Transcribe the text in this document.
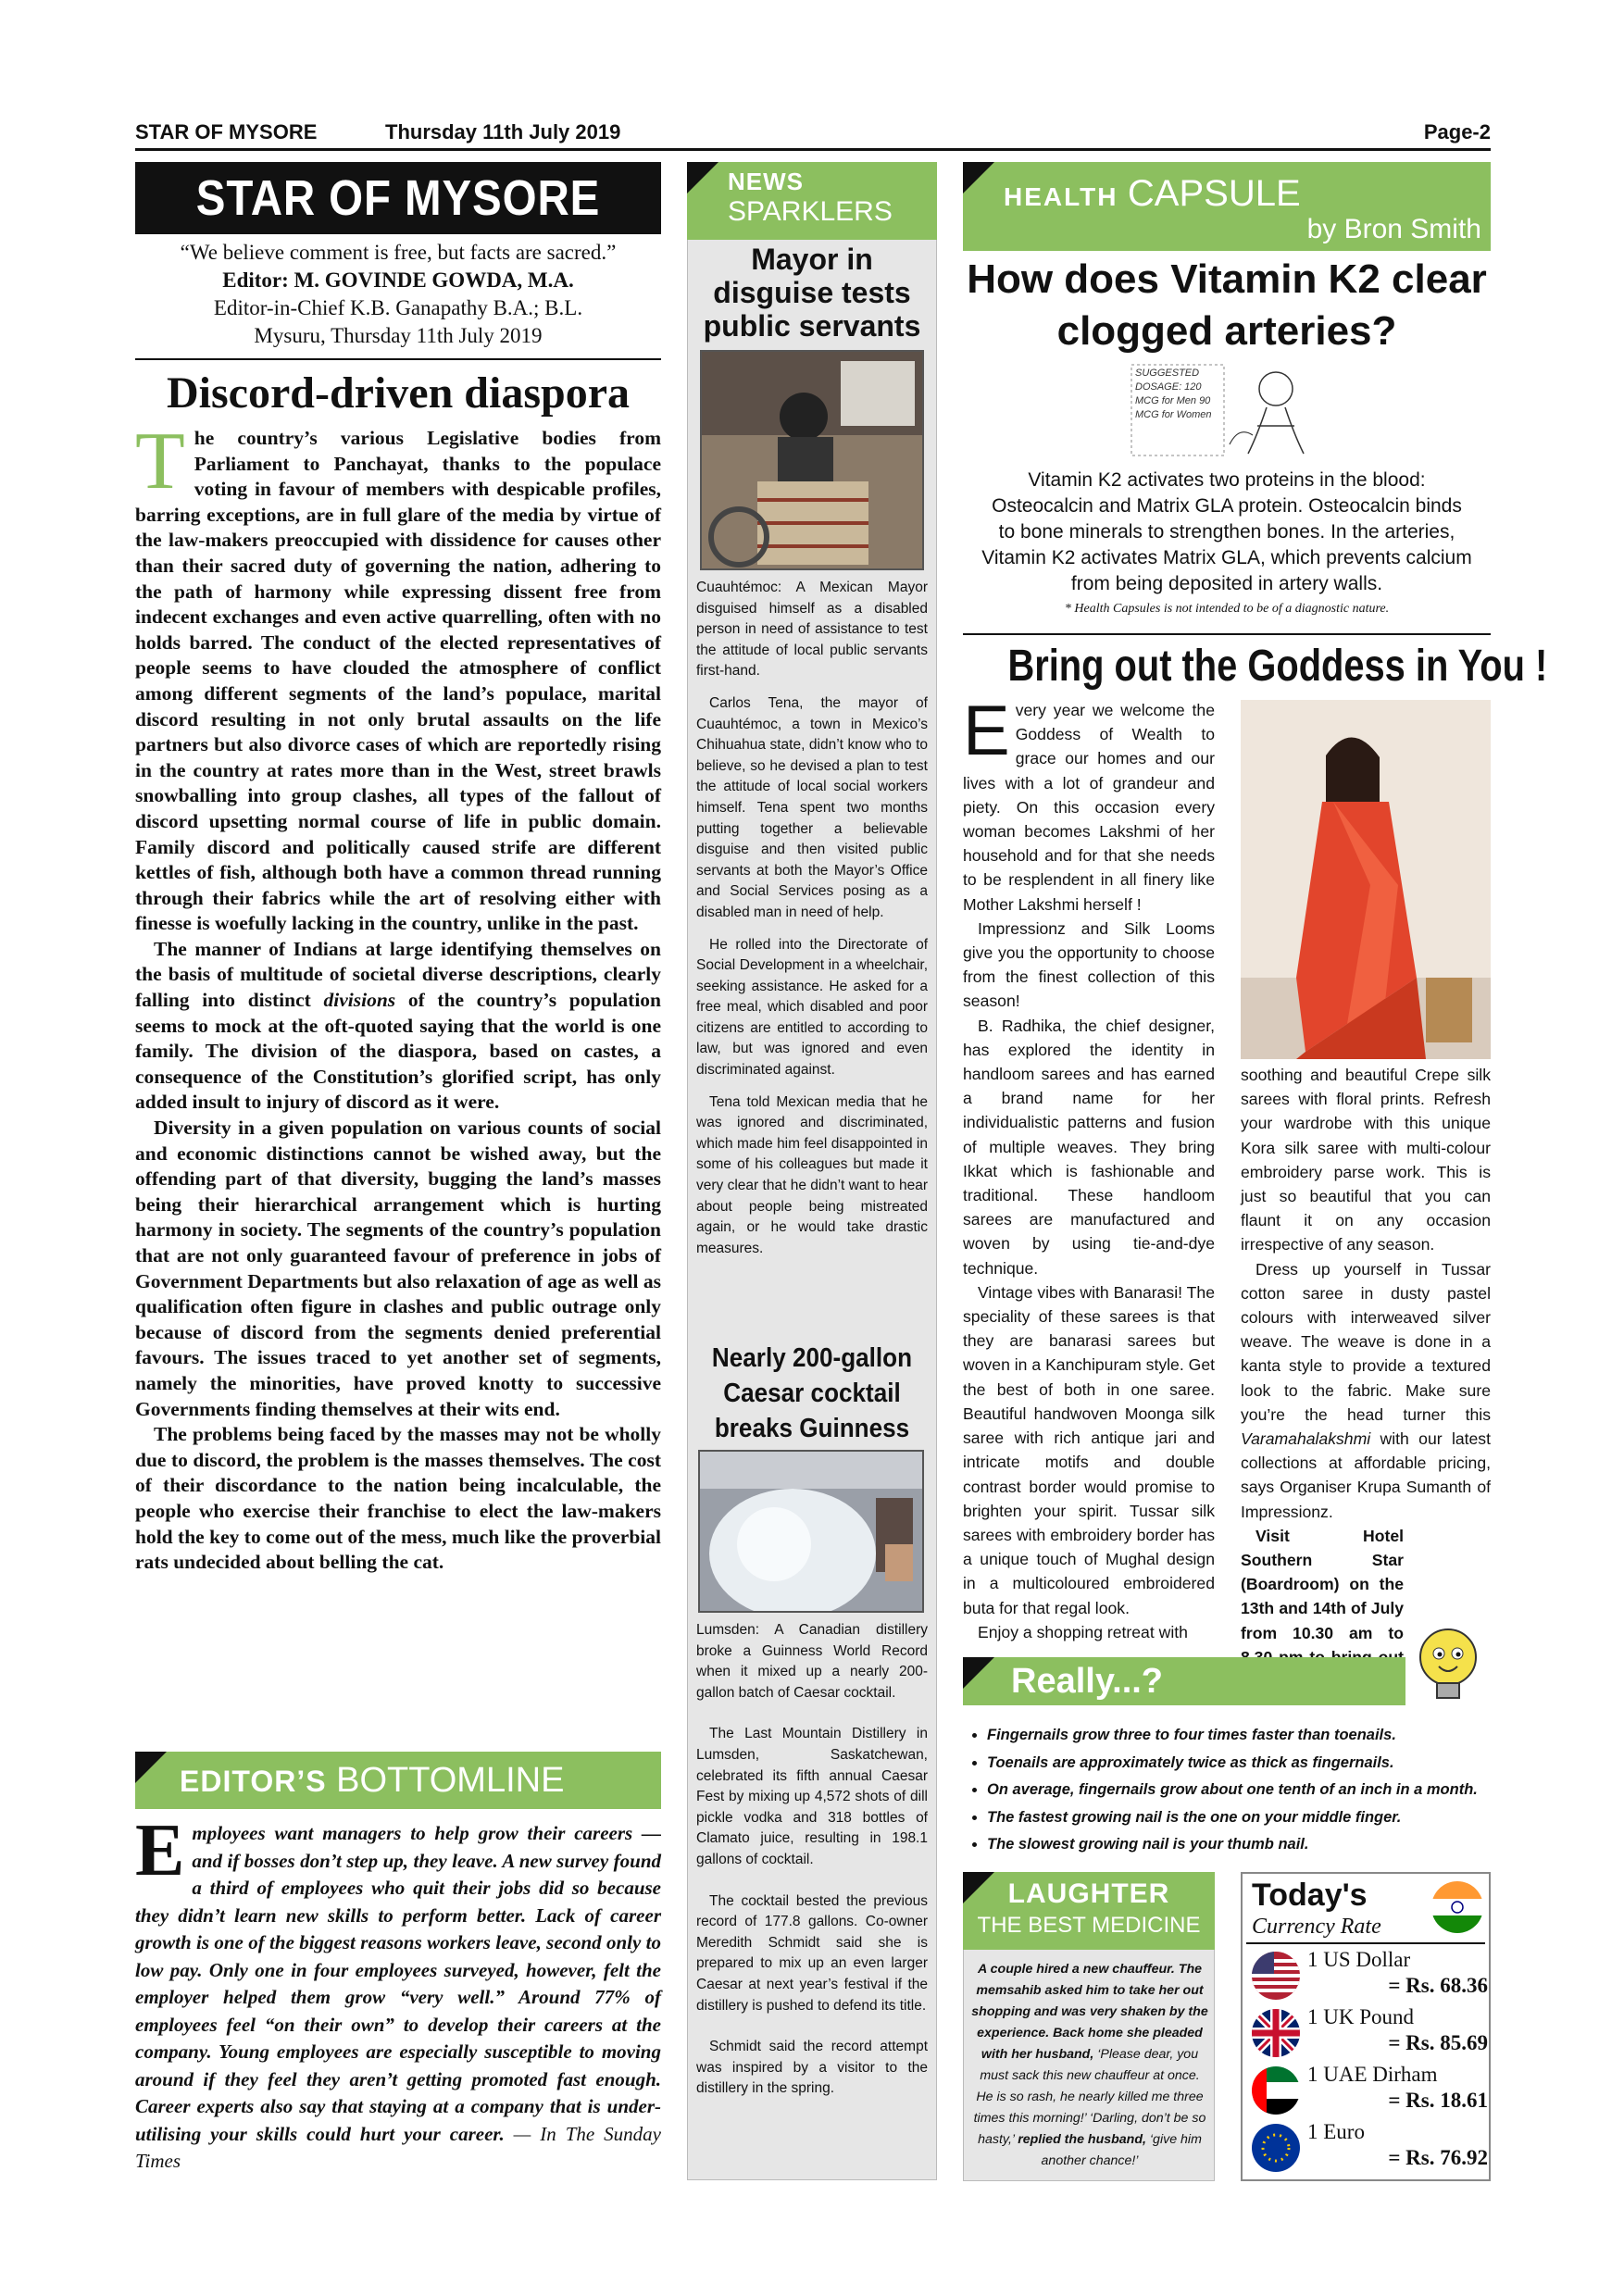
STAR OF MYSORE	Thursday 11th July 2019	Page-2
STAR OF MYSORE
“We believe comment is free, but facts are sacred.”
Editor: M. GOVINDE GOWDA, M.A.
Editor-in-Chief K.B. Ganapathy B.A.; B.L.
Mysuru, Thursday 11th July 2019
Discord-driven diaspora

The country’s various Legislative bodies from Parliament to Panchayat, thanks to the populace voting in favour of members with despicable profiles, barring exceptions, are in full glare of the media by virtue of the law-makers preoccupied with dissidence for causes other than their sacred duty of governing the nation, adhering to the path of harmony while expressing dissent free from indecent exchanges and even active quarrelling, often with no holds barred. The conduct of the elected representatives of people seems to have clouded the atmosphere of conflict among different segments of the land’s populace, marital discord resulting in not only brutal assaults on the life partners but also divorce cases of which are reportedly rising in the country at rates more than in the West, street brawls snowballing into group clashes, all types of the fallout of discord upsetting normal course of life in public domain. Family discord and politically caused strife are different kettles of fish, although both have a common thread running through their fabrics while the art of resolving either with finesse is woefully lacking in the country, unlike in the past.

The manner of Indians at large identifying themselves on the basis of multitude of societal diverse descriptions, clearly falling into distinct divisions of the country’s population seems to mock at the oft-quoted saying that the world is one family. The division of the diaspora, based on castes, a consequence of the Constitution’s glorified script, has only added insult to injury of discord as it were.

Diversity in a given population on various counts of social and economic distinctions cannot be wished away, but the offending part of that diversity, bugging the land’s masses being their hierarchical arrangement which is hurting harmony in society. The segments of the country’s population that are not only guaranteed favour of preference in jobs of Government Departments but also relaxation of age as well as qualification often figure in clashes and public outrage only because of discord from the segments denied preferential favours. The issues traced to yet another set of segments, namely the minorities, have proved knotty to successive Governments finding themselves at their wits end.

The problems being faced by the masses may not be wholly due to discord, the problem is the masses themselves. The cost of their discordance to the nation being incalculable, the people who exercise their franchise to elect the law-makers hold the key to come out of the mess, much like the proverbial rats undecided about belling the cat.

EDITOR’S BOTTOMLINE
Employees want managers to help grow their careers — and if bosses don’t step up, they leave. A new survey found a third of employees who quit their jobs did so because they didn’t learn new skills to perform better. Lack of career growth is one of the biggest reasons workers leave, second only to low pay. Only one in four employees surveyed, however, felt the employer helped them grow “very well.” Around 77% of employees feel “on their own” to develop their careers at the company. Young employees are especially susceptible to moving around if they feel they aren’t getting promoted fast enough. Career experts also say that staying at a company that is under-utilising your skills could hurt your career. — In The Sunday Times
NEWS
SPARKLERS
Mayor in disguise tests public servants

Cuauhtémoc: A Mexican Mayor disguised himself as a disabled person in need of assistance to test the attitude of local public servants first-hand.

Carlos Tena, the mayor of Cuauhtémoc, a town in Mexico’s Chihuahua state, didn’t know who to believe, so he devised a plan to test the attitude of local social workers himself. Tena spent two months putting together a believable disguise and then visited public servants at both the Mayor’s Office and Social Services posing as a disabled man in need of help.

He rolled into the Directorate of Social Development in a wheelchair, seeking assistance. He asked for a free meal, which disabled and poor citizens are entitled to according to law, but was ignored and even discriminated against.

Tena told Mexican media that he was ignored and discriminated, which made him feel disappointed in some of his colleagues but made it very clear that he didn’t want to hear about people being mistreated again, or he would take drastic measures.

Nearly 200-gallon Caesar cocktail breaks Guinness

Lumsden: A Canadian distillery broke a Guinness World Record when it mixed up a nearly 200-gallon batch of Caesar cocktail.

The Last Mountain Distillery in Lumsden, Saskatchewan, celebrated its fifth annual Caesar Fest by mixing up 4,572 shots of dill pickle vodka and 318 bottles of Clamato juice, resulting in 198.1 gallons of cocktail.

The cocktail bested the previous record of 177.8 gallons. Co-owner Meredith Schmidt said she is prepared to mix up an even larger Caesar at next year’s festival if the distillery is pushed to defend its title.

Schmidt said the record attempt was inspired by a visitor to the distillery in the spring.

HEALTH CAPSULE
by Bron Smith
How does Vitamin K2 clear clogged arteries?
SUGGESTED DOSAGE: 120 MCG for Men 90 MCG for Women
Vitamin K2 activates two proteins in the blood: Osteocalcin and Matrix GLA protein. Osteocalcin binds to bone minerals to strengthen bones. In the arteries, Vitamin K2 activates Matrix GLA, which prevents calcium from being deposited in artery walls.
* Health Capsules is not intended to be of a diagnostic nature.
Bring out the Goddess in You !

Every year we welcome the Goddess of Wealth to grace our homes and our lives with a lot of grandeur and piety. On this occasion every woman becomes Lakshmi of her household and for that she needs to be resplendent in all finery like Mother Lakshmi herself !

Impressionz and Silk Looms give you the opportunity to choose from the finest collection of this season!

B. Radhika, the chief designer, has explored the identity in handloom sarees and has earned a brand name for her individualistic patterns and fusion of multiple weaves. They bring Ikkat which is fashionable and traditional. These handloom sarees are manufactured and woven by using tie-and-dye technique.

Vintage vibes with Banarasi! The speciality of these sarees is that they are banarasi sarees but woven in a Kanchipuram style. Get the best of both in one saree. Beautiful handwoven Moonga silk saree with rich antique jari and intricate motifs and double contrast border would promise to brighten your spirit. Tussar silk sarees with embroidery border has a unique touch of Mughal design in a multicoloured embroidered buta for that regal look.

Enjoy a shopping retreat with

soothing and beautiful Crepe silk sarees with floral prints. Refresh your wardrobe with this unique Kora silk saree with multi-colour embroidery parse work. This is just so beautiful that you can flaunt it on any occasion irrespective of any season.

Dress up yourself in Tussar cotton saree in dusty pastel colours with interweaved silver weave. The weave is done in a kanta style to provide a textured look to the fabric. Make sure you’re the head turner this Varamahalakshmi with our latest collections at affordable pricing, says Organiser Krupa Sumanth of Impressionz.

Visit Hotel Southern Star (Boardroom) on the 13th and 14th of July from 10.30 am to

Really...?
• Fingernails grow three to four times faster than toenails.
• Toenails are approximately twice as thick as fingernails.
• On average, fingernails grow about one tenth of an inch in a month.
• The fastest growing nail is the one on your middle finger.
• The slowest growing nail is your thumb nail.
LAUGHTER
THE BEST MEDICINE
A couple hired a new chauffeur. The memsahib asked him to take her out shopping and was very shaken by the experience. Back home she pleaded with her husband, ‘Please dear, you must sack this new chauffeur at once. He is so rash, he nearly killed me three times this morning!’ ‘Darling, don’t be so hasty,’ replied the husband, ‘give him another chance!’
Today's
Currency Rate
1 US Dollar
= Rs. 68.36
1 UK Pound
= Rs. 85.69
1 UAE Dirham
= Rs. 18.61
1 Euro
= Rs. 76.92
